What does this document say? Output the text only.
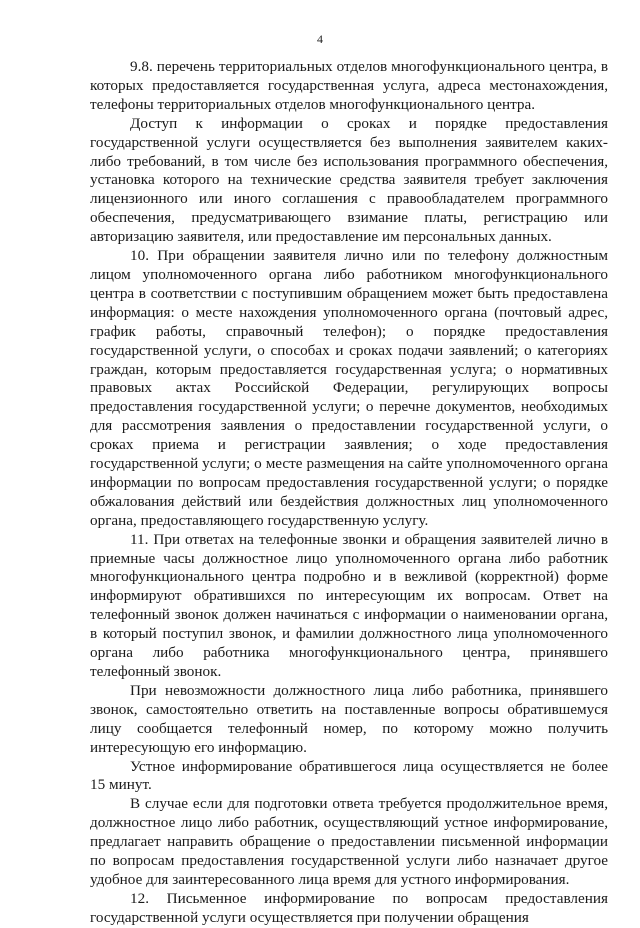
4

9.8. перечень территориальных отделов многофункционального центра, в которых предоставляется государственная услуга, адреса местонахождения, телефоны территориальных отделов многофункционального центра.

Доступ к информации о сроках и порядке предоставления государственной услуги осуществляется без выполнения заявителем каких-либо требований, в том числе без использования программного обеспечения, установка которого на технические средства заявителя требует заключения лицензионного или иного соглашения с правообладателем программного обеспечения, предусматривающего взимание платы, регистрацию или авторизацию заявителя, или предоставление им персональных данных.

10. При обращении заявителя лично или по телефону должностным лицом уполномоченного органа либо работником многофункционального центра в соответствии с поступившим обращением может быть предоставлена информация: о месте нахождения уполномоченного органа (почтовый адрес, график работы, справочный телефон); о порядке предоставления государственной услуги, о способах и сроках подачи заявлений; о категориях граждан, которым предоставляется государственная услуга; о нормативных правовых актах Российской Федерации, регулирующих вопросы предоставления государственной услуги; о перечне документов, необходимых для рассмотрения заявления о предоставлении государственной услуги, о сроках приема и регистрации заявления; о ходе предоставления государственной услуги; о месте размещения на сайте уполномоченного органа информации по вопросам предоставления государственной услуги; о порядке обжалования действий или бездействия должностных лиц уполномоченного органа, предоставляющего государственную услугу.

11. При ответах на телефонные звонки и обращения заявителей лично в приемные часы должностное лицо уполномоченного органа либо работник многофункционального центра подробно и в вежливой (корректной) форме информируют обратившихся по интересующим их вопросам. Ответ на телефонный звонок должен начинаться с информации о наименовании органа, в который поступил звонок, и фамилии должностного лица уполномоченного органа либо работника многофункционального центра, принявшего телефонный звонок.

При невозможности должностного лица либо работника, принявшего звонок, самостоятельно ответить на поставленные вопросы обратившемуся лицу сообщается телефонный номер, по которому можно получить интересующую его информацию.

Устное информирование обратившегося лица осуществляется не более 15 минут.

В случае если для подготовки ответа требуется продолжительное время, должностное лицо либо работник, осуществляющий устное информирование, предлагает направить обращение о предоставлении письменной информации по вопросам предоставления государственной услуги либо назначает другое удобное для заинтересованного лица время для устного информирования.

12. Письменное информирование по вопросам предоставления государственной услуги осуществляется при получении обращения
